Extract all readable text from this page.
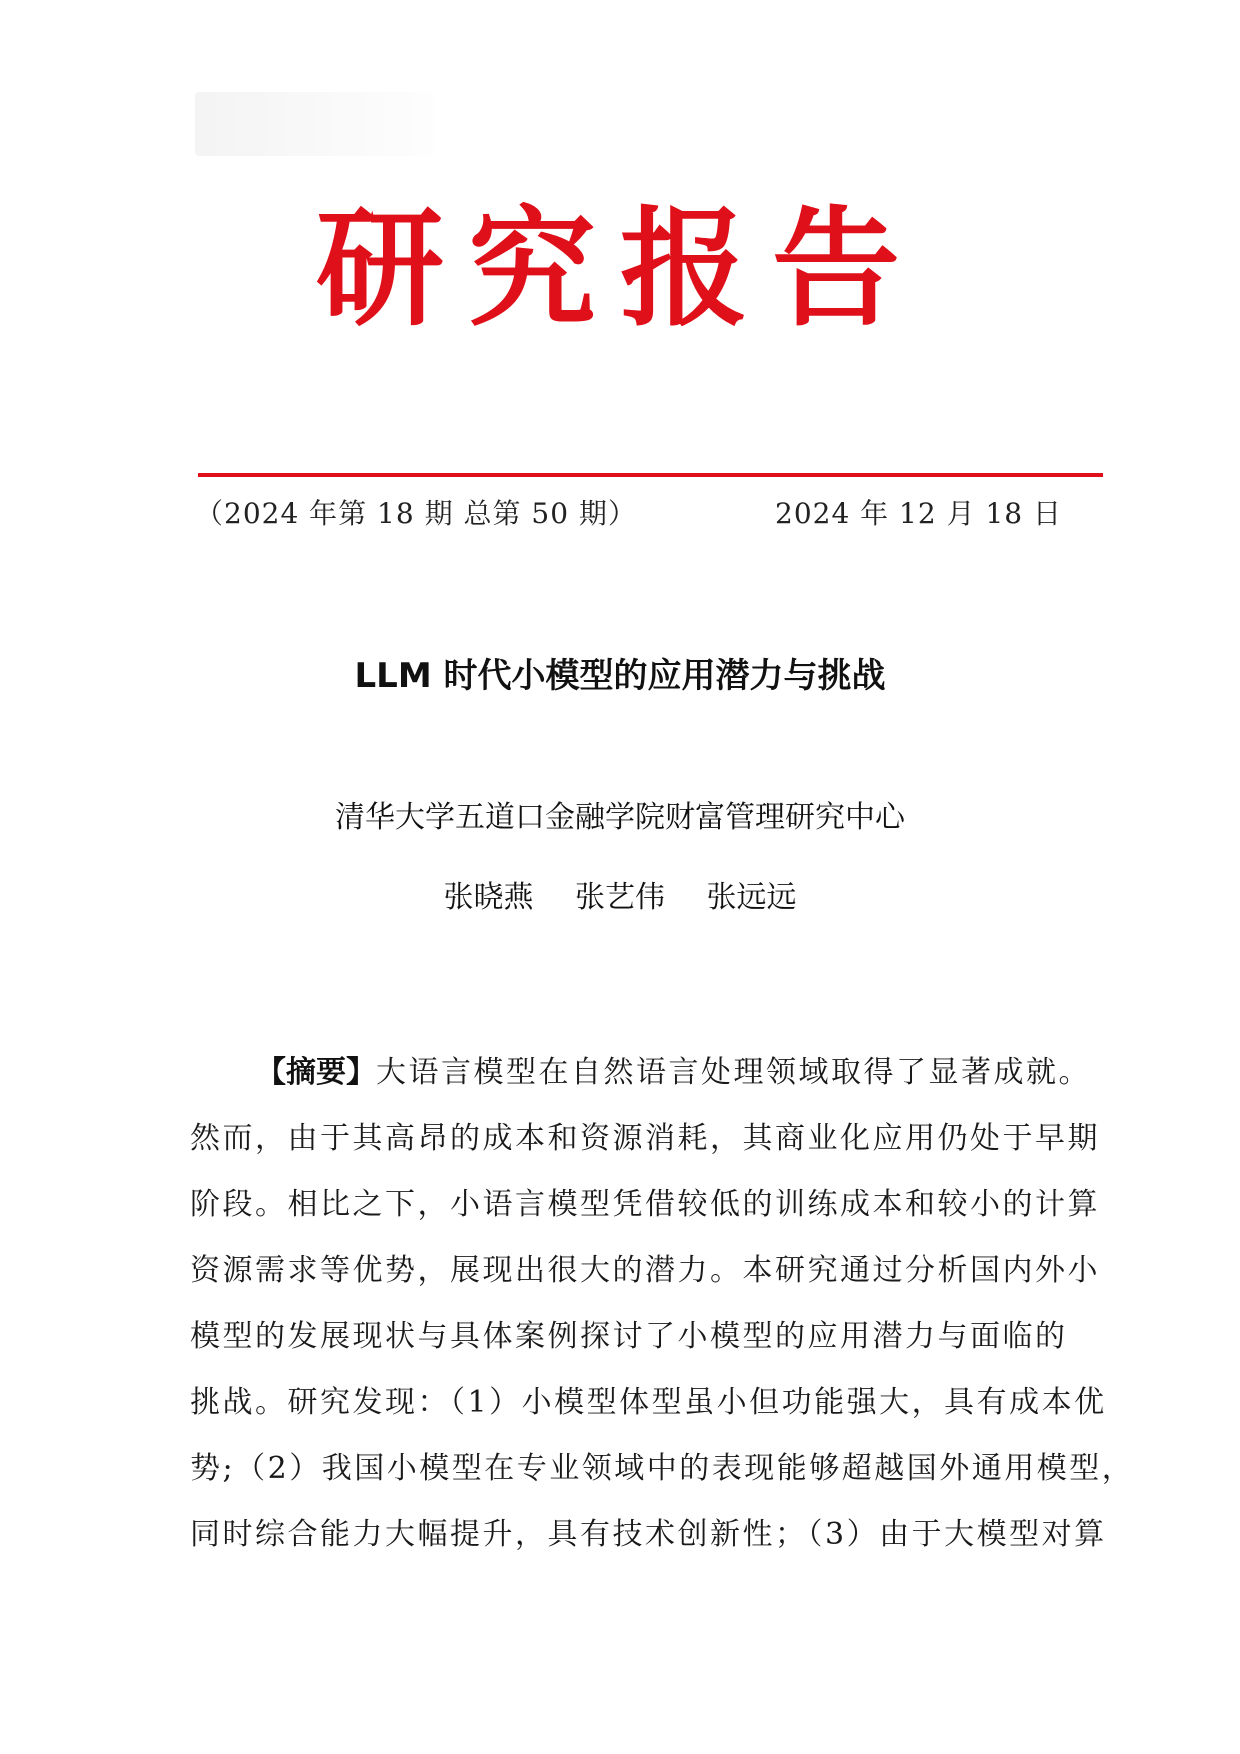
研究报告
（2024 年第 18 期 总第 50 期）	2024 年 12 月 18 日
LLM 时代小模型的应用潜力与挑战
清华大学五道口金融学院财富管理研究中心
张晓燕 张艺伟 张远远
【摘要】大语言模型在自然语言处理领域取得了显著成就。
然而，由于其高昂的成本和资源消耗，其商业化应用仍处于早期
阶段。相比之下，小语言模型凭借较低的训练成本和较小的计算
资源需求等优势，展现出很大的潜力。本研究通过分析国内外小
模型的发展现状与具体案例探讨了小模型的应用潜力与面临的
挑战。研究发现：（1）小模型体型虽小但功能强大，具有成本优
势;（2）我国小模型在专业领域中的表现能够超越国外通用模型，
同时综合能力大幅提升，具有技术创新性；（3）由于大模型对算
